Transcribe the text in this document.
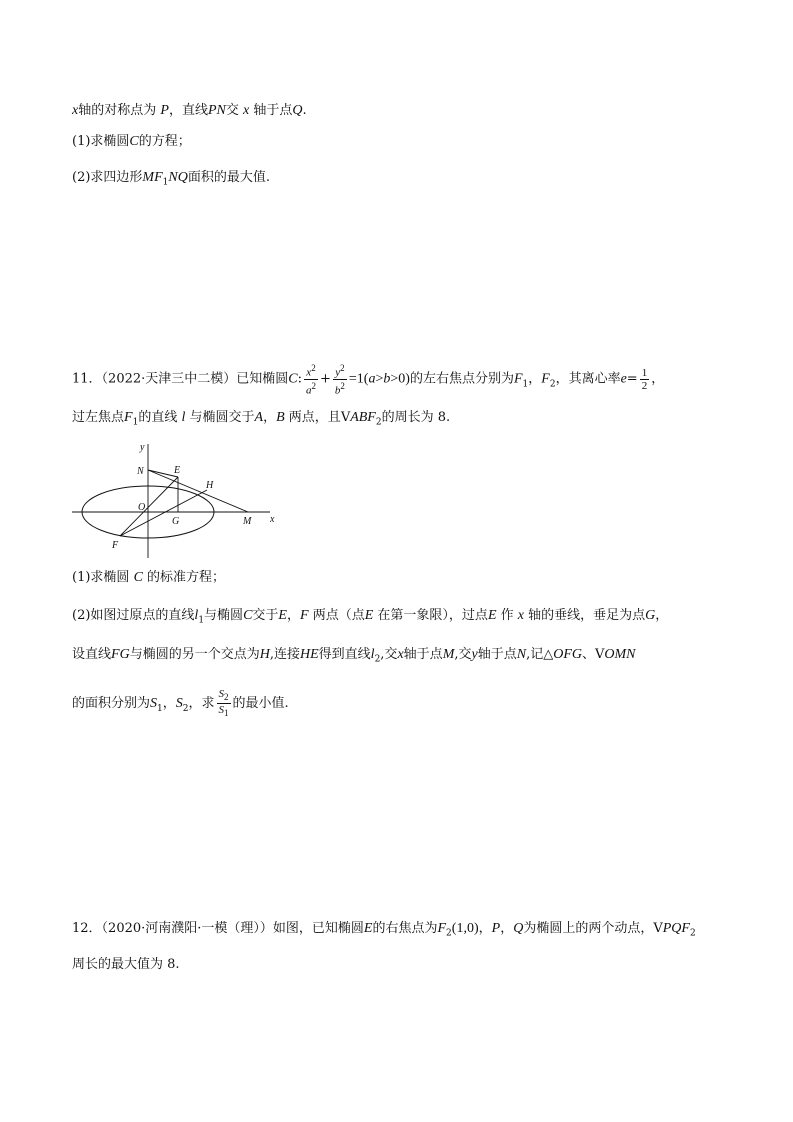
x轴的对称点为 P，直线PN交 x 轴于点Q.
(1)求椭圆C的方程；
(2)求四边形$MF_1NQ$面积的最大值.
11．（2022·天津三中二模）已知椭圆C: $\frac{x^2}{a^2} + \frac{y^2}{b^2} =1(a>b>0)$的左右焦点分别为$F_1$，$F_2$，其离心率$e= \frac{1}{2}$ ，
过左焦点$F_1$的直线 l 与椭圆交于A，B 两点，且$VABF_2$的周长为 8.
y
N	E
H
O
G	M x
F
(1)求椭圆 C 的标准方程；
(2)如图过原点的直线$l_1$与椭圆C交于E，F 两点（点E 在第一象限），过点E 作 x 轴的垂线，垂足为点G，
设直线FG与椭圆的另一个交点为H,连接HE得到直线$l_2$,交x轴于点M,交y轴于点N,记△OFG、VOMN
的面积分别为$S_1$，$S_2$，求 $\frac{S_2}{S_1}$ 的最小值.
12．（2020·河南濮阳·一模（理））如图，已知椭圆E的右焦点为$F_2(1,0)$，P，Q为椭圆上的两个动点，$VPQF_2$
周长的最大值为 8.
